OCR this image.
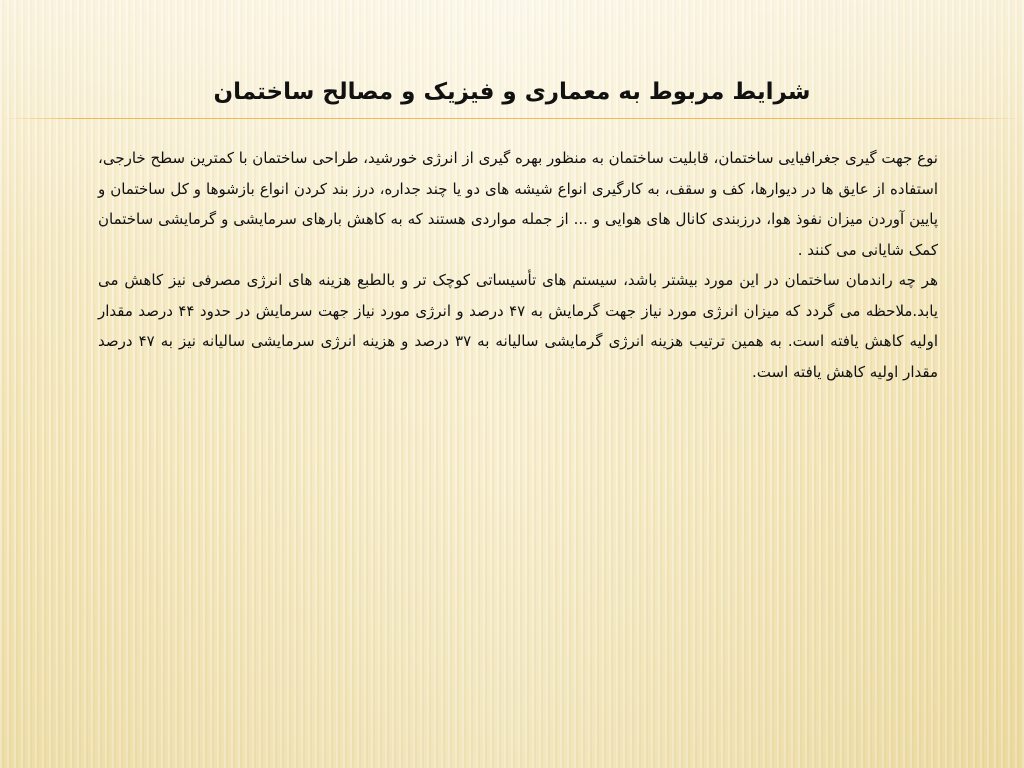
شرایط مربوط به معماری و فیزیک و مصالح ساختمان

نوع جهت گیری جغرافیایی ساختمان، قابلیت ساختمان به منظور بهره گیری از انرژی خورشید، طراحی ساختمان با کمترین سطح خارجی، استفاده از عایق ها در دیوارها، کف و سقف، به کارگیری انواع شیشه های دو یا چند جداره، درز بند کردن انواع بازشوها و کل ساختمان و پایین آوردن میزان نفوذ هوا، درزبندی کانال های هوایی و ... از جمله مواردی هستند که به کاهش بارهای سرمایشی و گرمایشی ساختمان کمک شایانی می کنند .

هر چه راندمان ساختمان در این مورد بیشتر باشد، سیستم های تأسیساتی کوچک تر و بالطبع هزینه های انرژی مصرفی نیز کاهش می یابد.ملاحظه می گردد که میزان انرژی مورد نیاز جهت گرمایش به ۴۷ درصد و انرژی مورد نیاز جهت سرمایش در حدود ۴۴ درصد مقدار اولیه کاهش یافته است. به همین ترتیب هزینه انرژی گرمایشی سالیانه به ۳۷ درصد و هزینه انرژی سرمایشی سالیانه نیز به ۴۷ درصد مقدار اولیه کاهش یافته است.
